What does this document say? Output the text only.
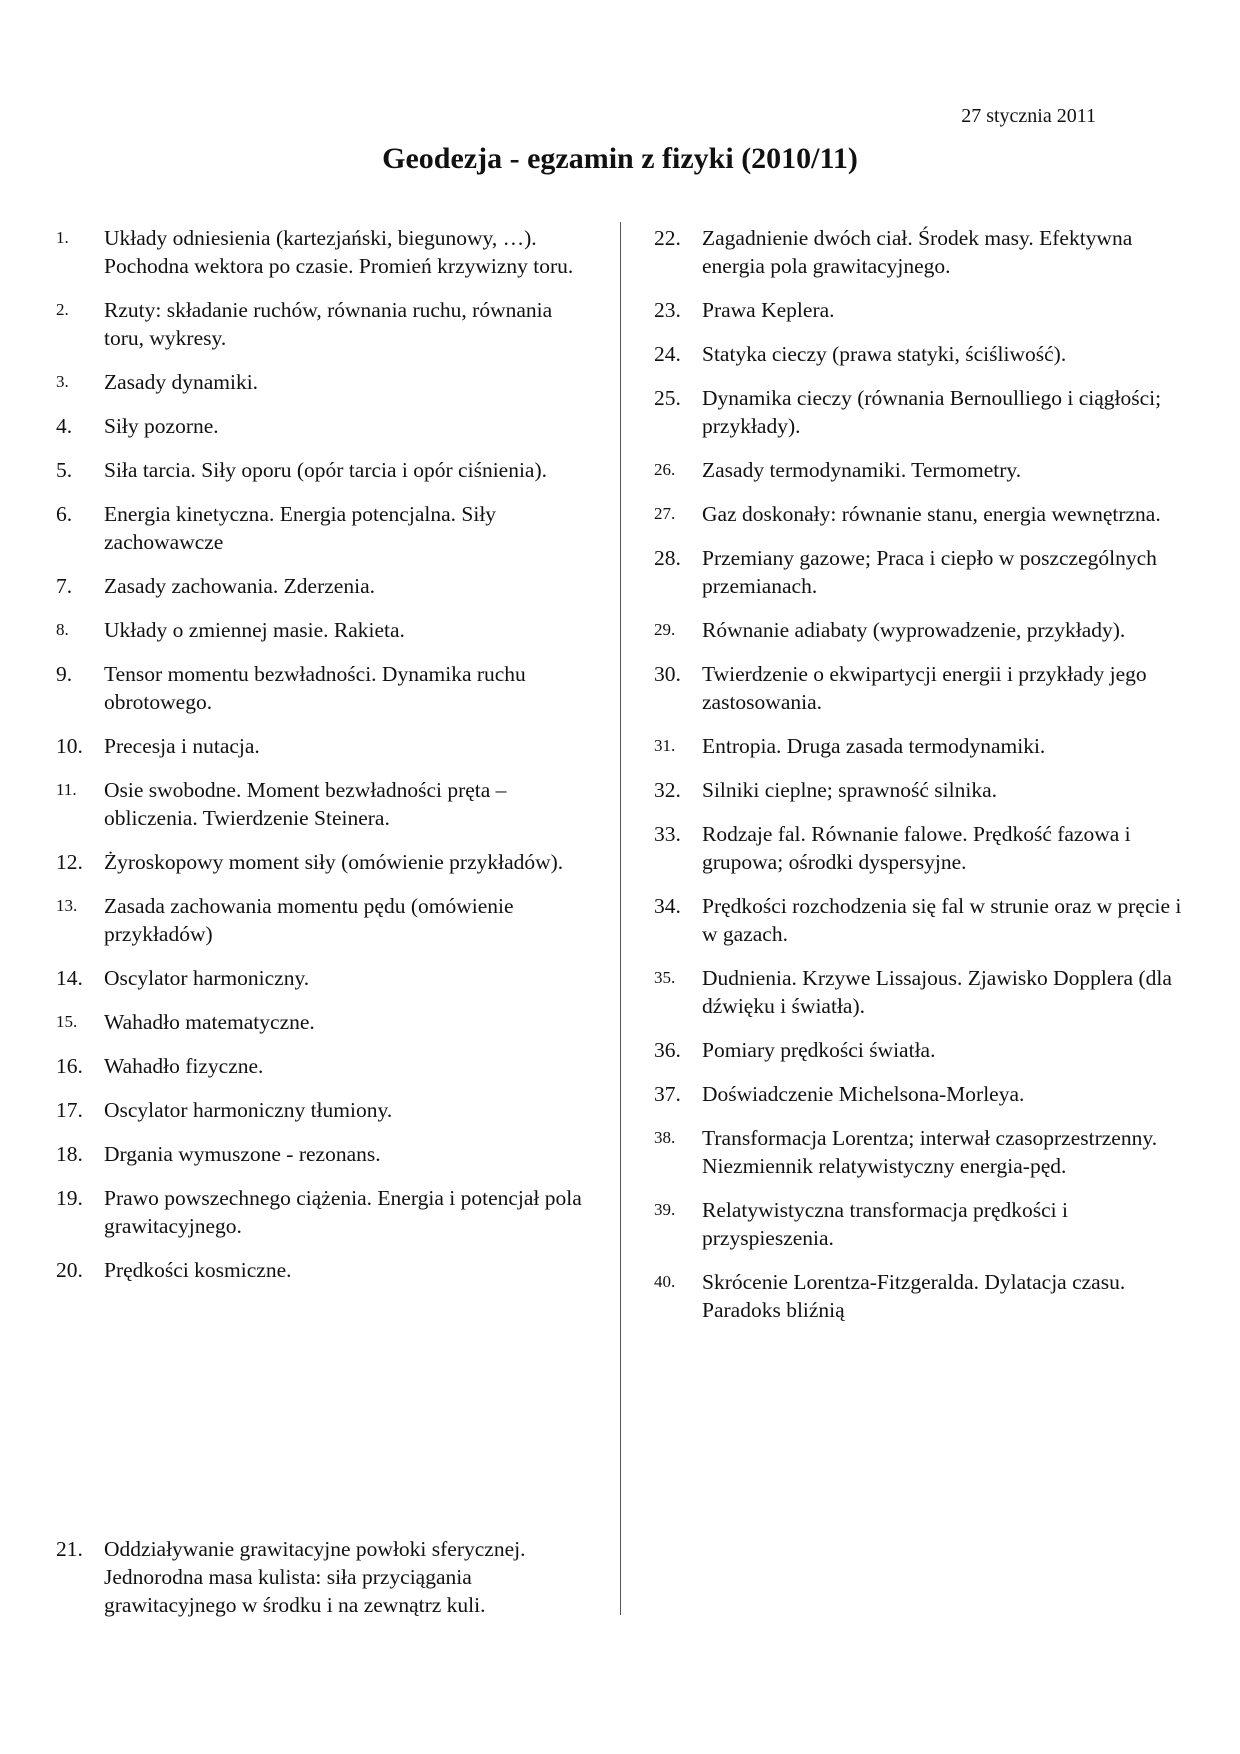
27 stycznia 2011
Geodezja - egzamin z fizyki (2010/11)
1. Układy odniesienia (kartezjański, biegunowy, …). Pochodna wektora po czasie. Promień krzywizny toru.
2. Rzuty: składanie ruchów, równania ruchu, równania toru, wykresy.
3. Zasady dynamiki.
4. Siły pozorne.
5. Siła tarcia. Siły oporu (opór tarcia i opór ciśnienia).
6. Energia kinetyczna. Energia potencjalna. Siły zachowawcze
7. Zasady zachowania. Zderzenia.
8. Układy o zmiennej masie. Rakieta.
9. Tensor momentu bezwładności. Dynamika ruchu obrotowego.
10. Precesja i nutacja.
11. Osie swobodne. Moment bezwładności pręta – obliczenia. Twierdzenie Steinera.
12. Żyroskopowy moment siły (omówienie przykładów).
13. Zasada zachowania momentu pędu (omówienie przykładów)
14. Oscylator harmoniczny.
15. Wahadło matematyczne.
16. Wahadło fizyczne.
17. Oscylator harmoniczny tłumiony.
18. Drgania wymuszone - rezonans.
19. Prawo powszechnego ciążenia. Energia i potencjał pola grawitacyjnego.
20. Prędkości kosmiczne.
21. Oddziaływanie grawitacyjne powłoki sferycznej. Jednorodna masa kulista: siła przyciągania grawitacyjnego w środku i na zewnątrz kuli.
22. Zagadnienie dwóch ciał. Środek masy. Efektywna energia pola grawitacyjnego.
23. Prawa Keplera.
24. Statyka cieczy (prawa statyki, ściśliwość).
25. Dynamika cieczy (równania Bernoulliego i ciągłości; przykłady).
26. Zasady termodynamiki. Termometry.
27. Gaz doskonały: równanie stanu, energia wewnętrzna.
28. Przemiany gazowe; Praca i ciepło w poszczególnych przemianach.
29. Równanie adiabaty (wyprowadzenie, przykłady).
30. Twierdzenie o ekwipartycji energii i przykłady jego zastosowania.
31. Entropia. Druga zasada termodynamiki.
32. Silniki cieplne; sprawność silnika.
33. Rodzaje fal. Równanie falowe. Prędkość fazowa i grupowa; ośrodki dyspersyjne.
34. Prędkości rozchodzenia się fal w strunie oraz w pręcie i w gazach.
35. Dudnienia. Krzywe Lissajous. Zjawisko Dopplera (dla dźwięku i światła).
36. Pomiary prędkości światła.
37. Doświadczenie Michelsona-Morleya.
38. Transformacja Lorentza; interwał czasoprzestrzenny. Niezmiennik relatywistyczny energia-pęd.
39. Relatywistyczna transformacja prędkości i przyspieszenia.
40. Skrócenie Lorentza-Fitzgeralda. Dylatacja czasu. Paradoks bliźnią
